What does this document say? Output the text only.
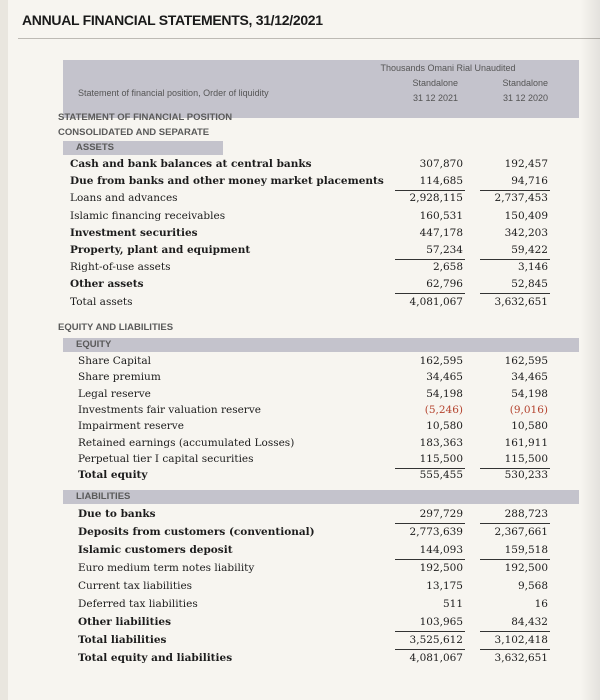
ANNUAL FINANCIAL STATEMENTS, 31/12/2021
Thousands Omani Rial Unaudited
Standalone	Standalone
31 12 2021	31 12 2020
Statement of financial position, Order of liquidity
STATEMENT OF FINANCIAL POSITION
CONSOLIDATED AND SEPARATE
ASSETS
Cash and bank balances at central banks	307,870	192,457
Due from banks and other money market placements	114,685	94,716
Loans and advances	2,928,115	2,737,453
Islamic financing receivables	160,531	150,409
Investment securities	447,178	342,203
Property, plant and equipment	57,234	59,422
Right-of-use assets	2,658	3,146
Other assets	62,796	52,845
Total assets	4,081,067	3,632,651
EQUITY AND LIABILITIES
EQUITY
Share Capital	162,595	162,595
Share premium	34,465	34,465
Legal reserve	54,198	54,198
Investments fair valuation reserve	(5,246)	(9,016)
Impairment reserve	10,580	10,580
Retained earnings (accumulated Losses)	183,363	161,911
Perpetual tier I capital securities	115,500	115,500
Total equity	555,455	530,233
LIABILITIES
Due to banks	297,729	288,723
Deposits from customers (conventional)	2,773,639	2,367,661
Islamic customers deposit	144,093	159,518
Euro medium term notes liability	192,500	192,500
Current tax liabilities	13,175	9,568
Deferred tax liabilities	511	16
Other liabilities	103,965	84,432
Total liabilities	3,525,612	3,102,418
Total equity and liabilities	4,081,067	3,632,651
